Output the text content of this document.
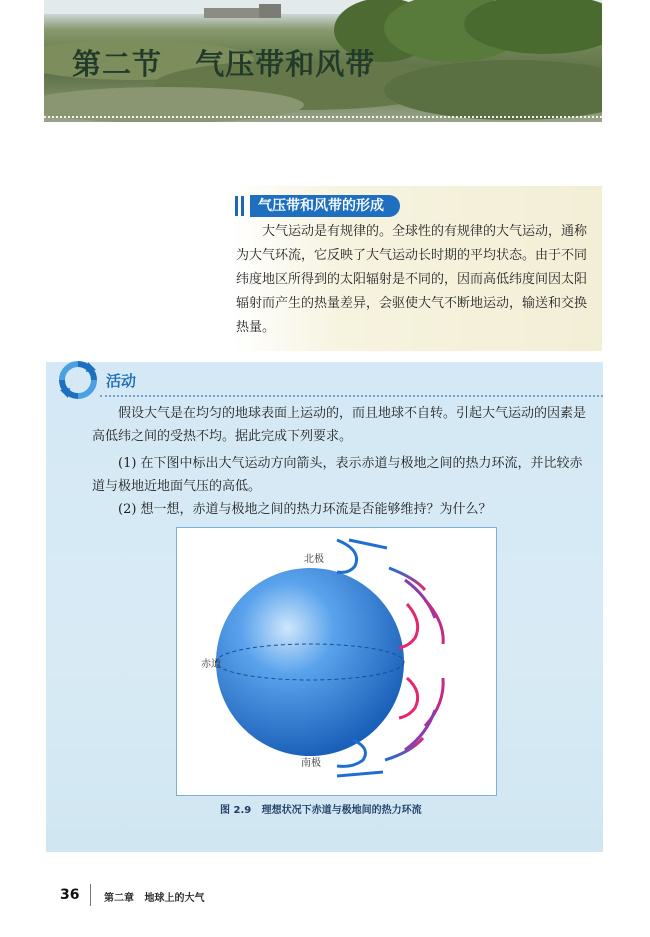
第二节   气压带和风带
气压带和风带的形成
大气运动是有规律的。全球性的有规律的大气运动，通称为大气环流，它反映了大气运动长时期的平均状态。由于不同纬度地区所得到的太阳辐射是不同的，因而高低纬度间因太阳辐射而产生的热量差异，会驱使大气不断地运动，输送和交换热量。
活动
假设大气是在均匀的地球表面上运动的，而且地球不自转。引起大气运动的因素是高低纬之间的受热不均。据此完成下列要求。
(1) 在下图中标出大气运动方向箭头，表示赤道与极地之间的热力环流，并比较赤道与极地近地面气压的高低。
(2) 想一想，赤道与极地之间的热力环流是否能够维持？为什么？
北极
赤道
南极
图 2.9   理想状况下赤道与极地间的热力环流
36 第二章   地球上的大气
